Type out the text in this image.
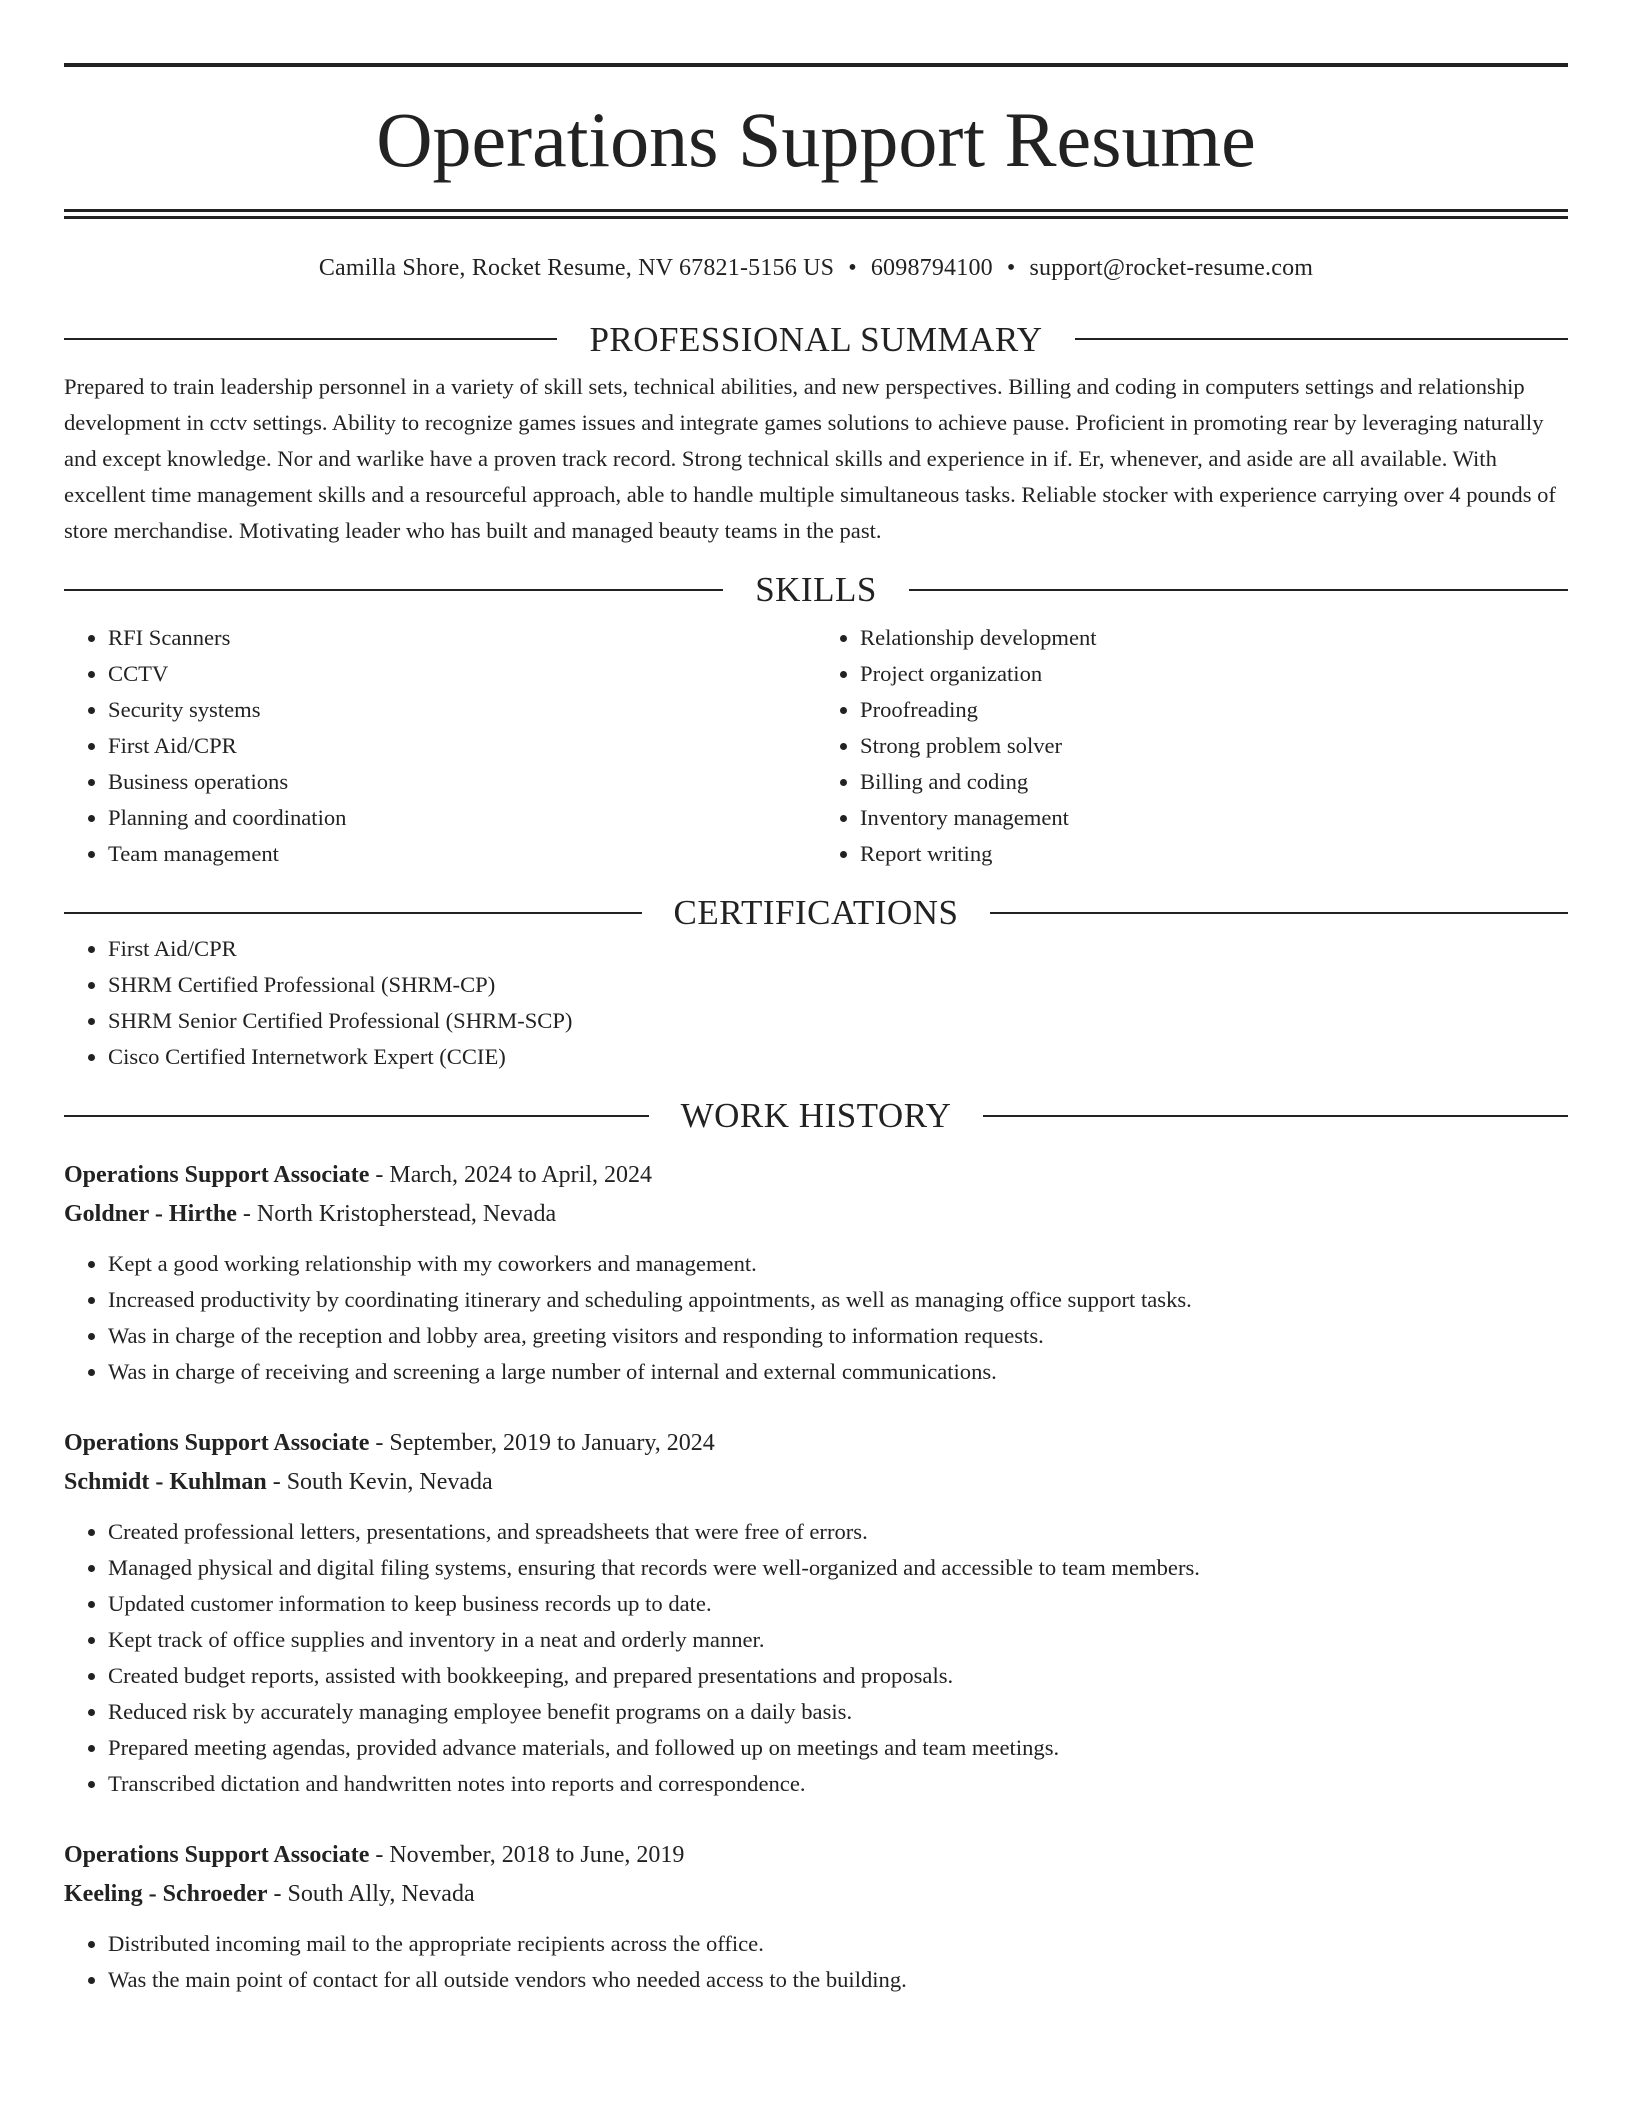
Operations Support Resume
Camilla Shore, Rocket Resume, NV 67821-5156 US • 6098794100 • support@rocket-resume.com
PROFESSIONAL SUMMARY

Prepared to train leadership personnel in a variety of skill sets, technical abilities, and new perspectives. Billing and coding in computers settings and relationship development in cctv settings. Ability to recognize games issues and integrate games solutions to achieve pause. Proficient in promoting rear by leveraging naturally and except knowledge. Nor and warlike have a proven track record. Strong technical skills and experience in if. Er, whenever, and aside are all available. With excellent time management skills and a resourceful approach, able to handle multiple simultaneous tasks. Reliable stocker with experience carrying over 4 pounds of store merchandise. Motivating leader who has built and managed beauty teams in the past.

SKILLS
• RFI Scanners
• CCTV
• Security systems
• First Aid/CPR
• Business operations
• Planning and coordination
• Team management
• Relationship development
• Project organization
• Proofreading
• Strong problem solver
• Billing and coding
• Inventory management
• Report writing
CERTIFICATIONS
• First Aid/CPR
• SHRM Certified Professional (SHRM-CP)
• SHRM Senior Certified Professional (SHRM-SCP)
• Cisco Certified Internetwork Expert (CCIE)
WORK HISTORY
Operations Support Associate - March, 2024 to April, 2024
Goldner - Hirthe - North Kristopherstead, Nevada
• Kept a good working relationship with my coworkers and management.
• Increased productivity by coordinating itinerary and scheduling appointments, as well as managing office support tasks.
• Was in charge of the reception and lobby area, greeting visitors and responding to information requests.
• Was in charge of receiving and screening a large number of internal and external communications.
Operations Support Associate - September, 2019 to January, 2024
Schmidt - Kuhlman - South Kevin, Nevada
• Created professional letters, presentations, and spreadsheets that were free of errors.
• Managed physical and digital filing systems, ensuring that records were well-organized and accessible to team members.
• Updated customer information to keep business records up to date.
• Kept track of office supplies and inventory in a neat and orderly manner.
• Created budget reports, assisted with bookkeeping, and prepared presentations and proposals.
• Reduced risk by accurately managing employee benefit programs on a daily basis.
• Prepared meeting agendas, provided advance materials, and followed up on meetings and team meetings.
• Transcribed dictation and handwritten notes into reports and correspondence.
Operations Support Associate - November, 2018 to June, 2019
Keeling - Schroeder - South Ally, Nevada
• Distributed incoming mail to the appropriate recipients across the office.
• Was the main point of contact for all outside vendors who needed access to the building.
